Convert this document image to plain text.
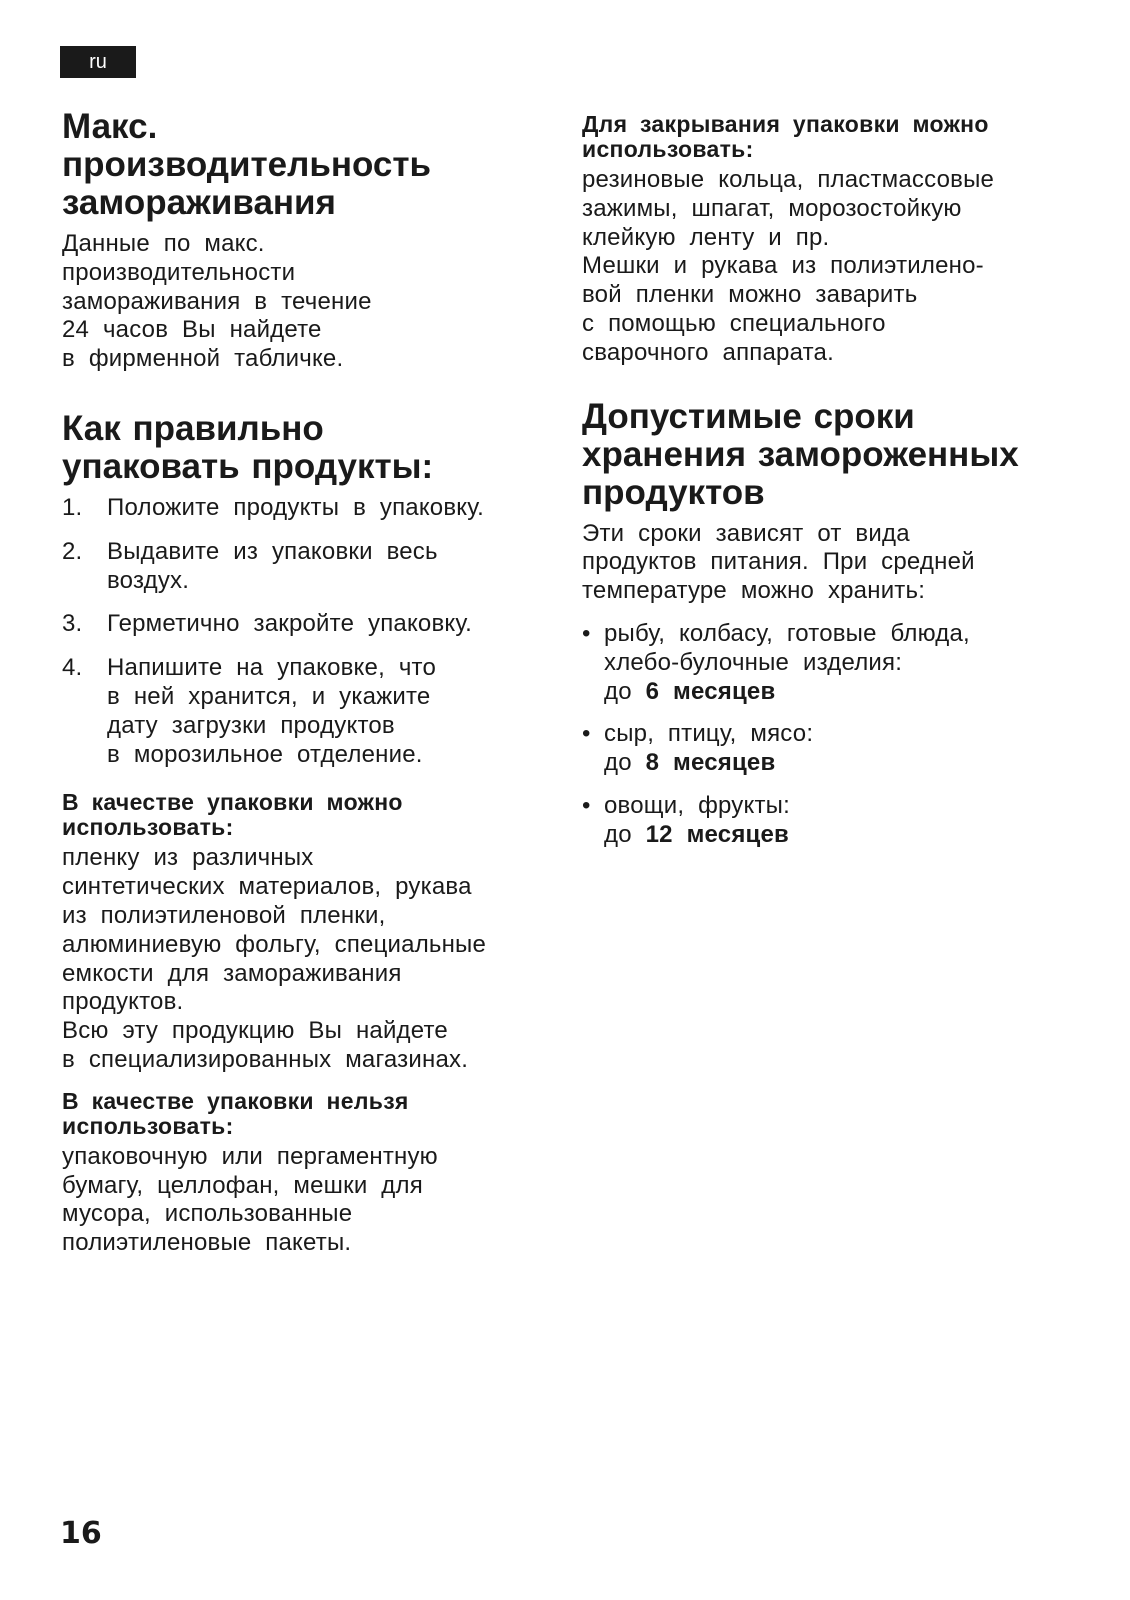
ru
Макс.
производительность
замораживания

Данные по макс.
производительности
замораживания в течение
24 часов Вы найдете
в фирменной табличке.

Как правильно
упаковать продукты:
1. Положите продукты в упаковку.
2. Выдавите из упаковки весь
воздух.
3. Герметично закройте упаковку.
4. Напишите на упаковке, что
в ней хранится, и укажите
дату загрузки продуктов
в морозильное отделение.
В качестве упаковки можно
использовать:

пленку из различных
синтетических материалов, рукава
из полиэтиленовой пленки,
алюминиевую фольгу, специальные
емкости для замораживания
продуктов.
Всю эту продукцию Вы найдете
в специализированных магазинах.

В качестве упаковки нельзя
использовать:

упаковочную или пергаментную
бумагу, целлофан, мешки для
мусора, использованные
полиэтиленовые пакеты.

Для закрывания упаковки можно
использовать:

резиновые кольца, пластмассовые
зажимы, шпагат, морозостойкую
клейкую ленту и пр.
Мешки и рукава из полиэтилено-
вой пленки можно заварить
с помощью специального
сварочного аппарата.

Допустимые сроки
хранения замороженных
продуктов

Эти сроки зависят от вида
продуктов питания. При средней
температуре можно хранить:

• рыбу, колбасу, готовые блюда,
хлебо-булочные изделия:
до 6 месяцев
• сыр, птицу, мясо:
до 8 месяцев
• овощи, фрукты:
до 12 месяцев
16
